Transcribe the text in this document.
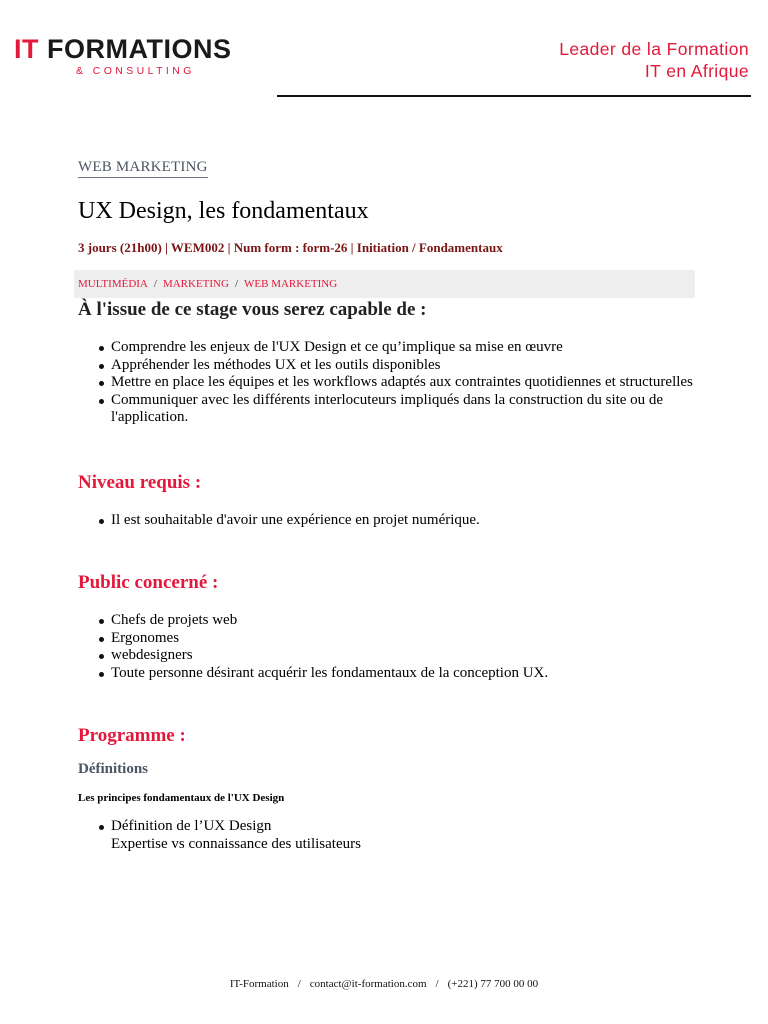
IT FORMATIONS
& CONSULTING
Leader de la Formation
IT en Afrique
WEB MARKETING
UX Design, les fondamentaux
3 jours (21h00) | WEM002 | Num form : form-26 | Initiation / Fondamentaux
MULTIMÉDIA / MARKETING / WEB MARKETING
À l'issue de ce stage vous serez capable de :
Comprendre les enjeux de l'UX Design et ce qu’implique sa mise en œuvre
Appréhender les méthodes UX et les outils disponibles
Mettre en place les équipes et les workflows adaptés aux contraintes quotidiennes et structurelles
Communiquer avec les différents interlocuteurs impliqués dans la construction du site ou de l'application.
Niveau requis :
Il est souhaitable d'avoir une expérience en projet numérique.
Public concerné :
Chefs de projets web
Ergonomes
webdesigners
Toute personne désirant acquérir les fondamentaux de la conception UX.
Programme :
Définitions
Les principes fondamentaux de l'UX Design
Définition de l’UX Design
Expertise vs connaissance des utilisateurs
IT-Formation / contact@it-formation.com / (+221) 77 700 00 00
